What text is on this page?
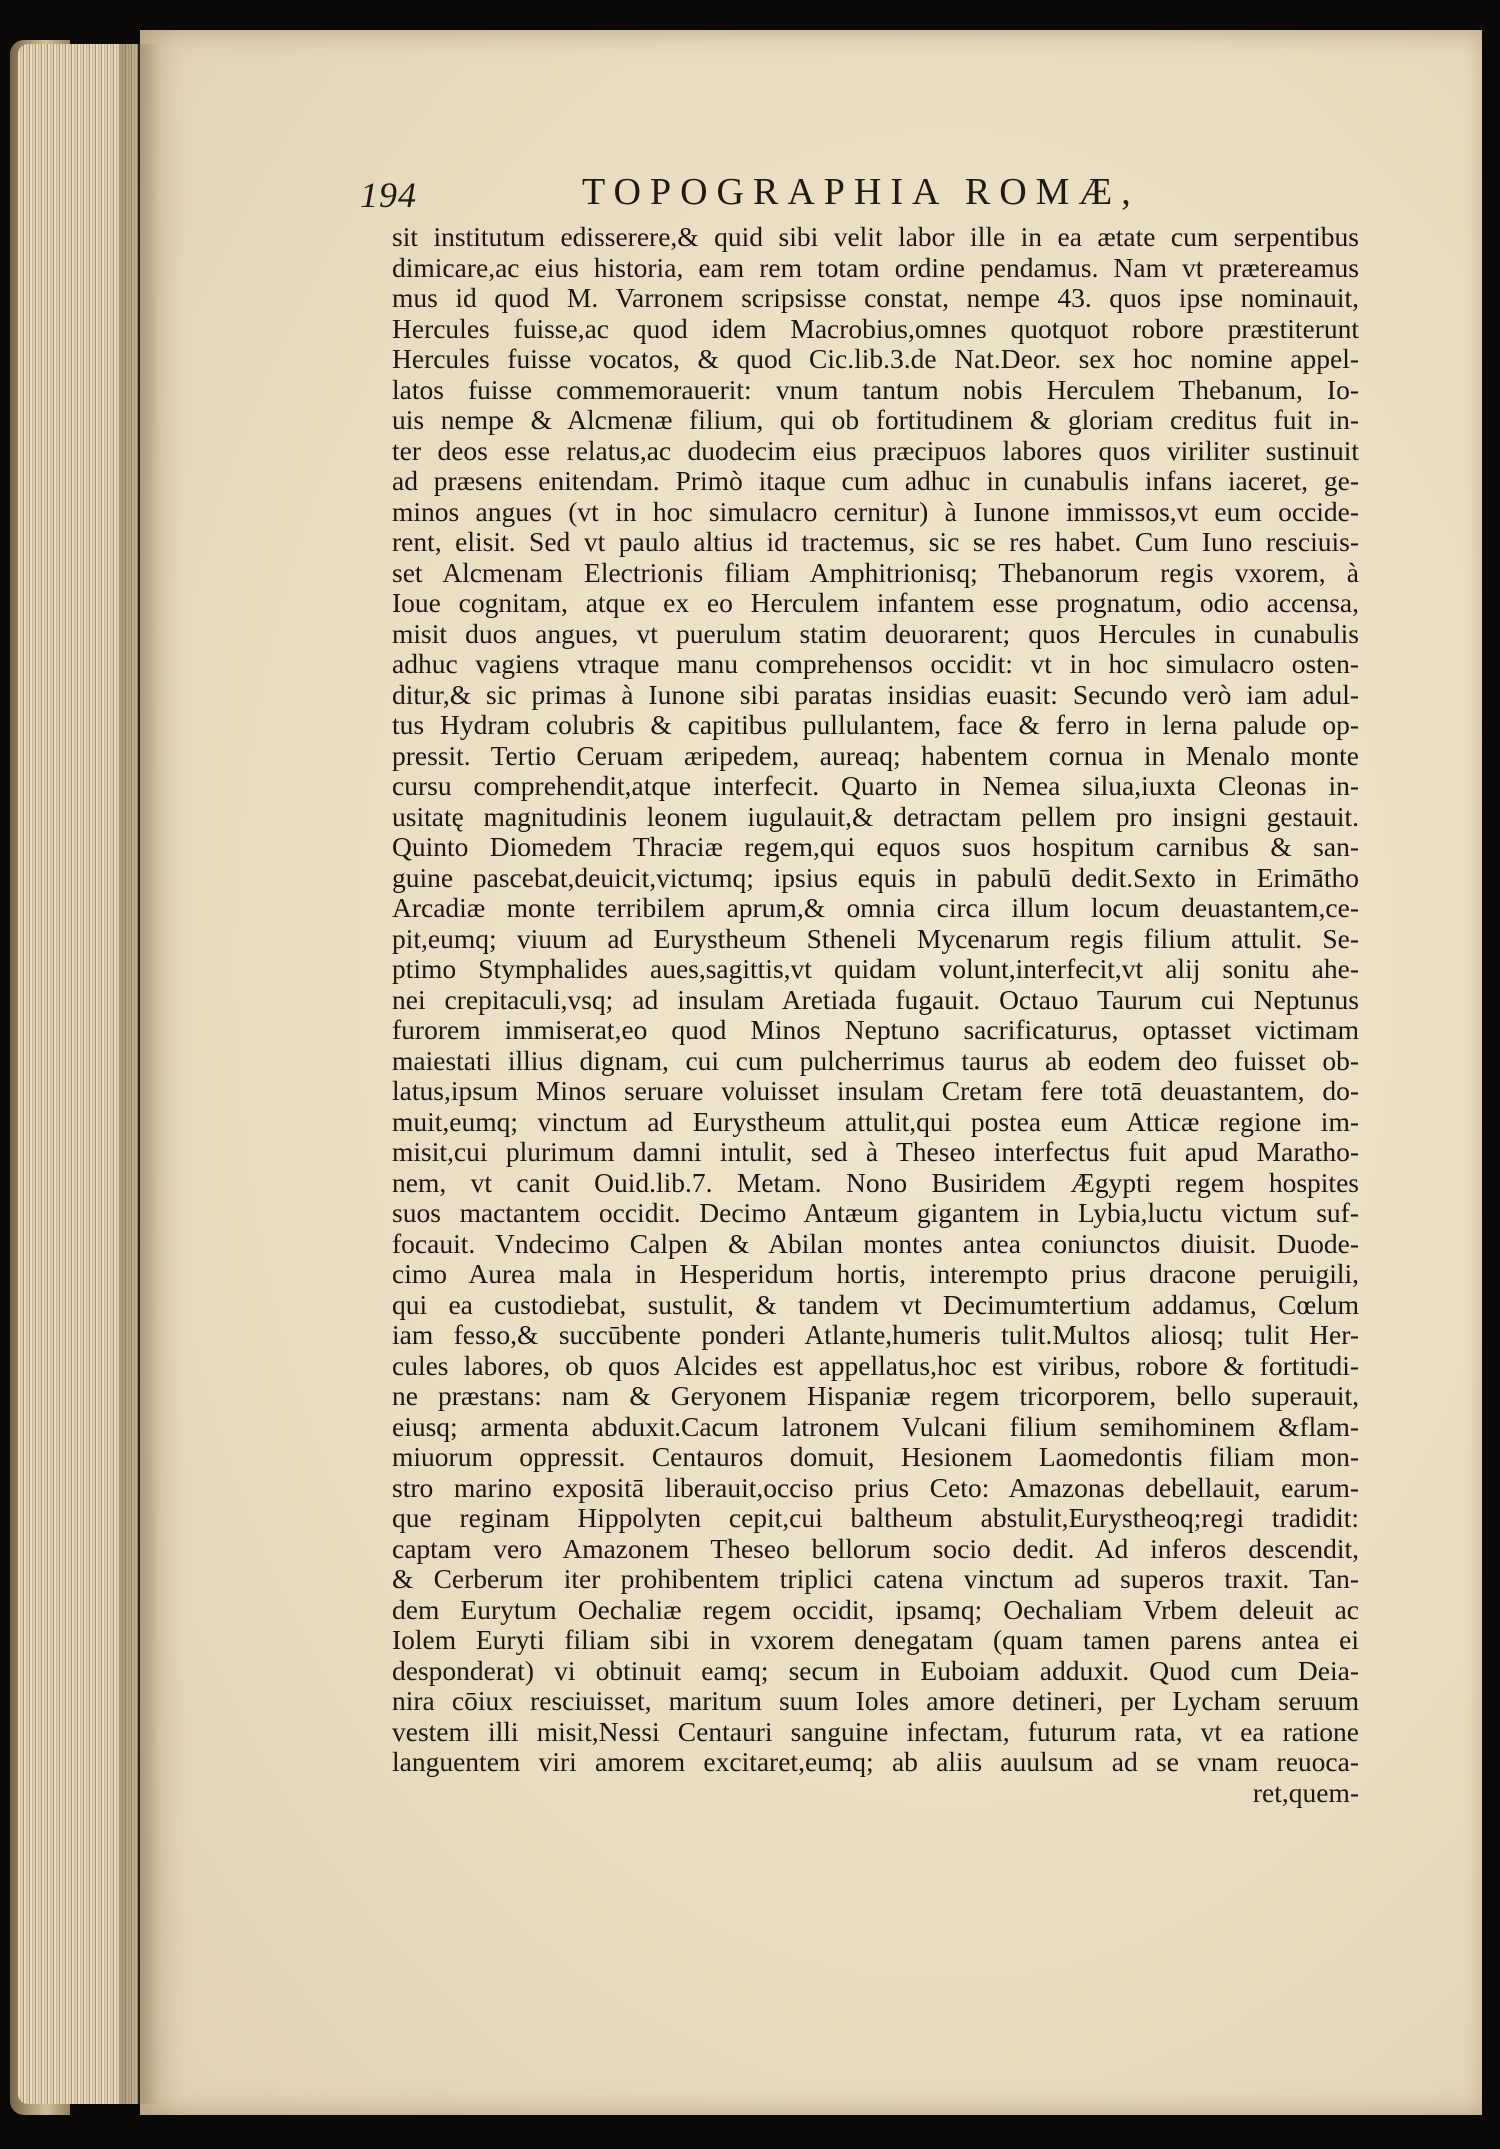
194	TOPOGRAPHIA ROMÆ,
sit institutum edisserere,& quid sibi velit labor ille in ea ætate cum serpentibus
dimicare,ac eius historia, eam rem totam ordine pendamus. Nam vt prætereamus
mus id quod M. Varronem scripsisse constat, nempe 43. quos ipse nominauit,
Hercules fuisse,ac quod idem Macrobius,omnes quotquot robore præstiterunt
Hercules fuisse vocatos, & quod Cic.lib.3.de Nat.Deor. sex hoc nomine appel-
latos fuisse commemorauerit: vnum tantum nobis Herculem Thebanum, Io-
uis nempe & Alcmenæ filium, qui ob fortitudinem & gloriam creditus fuit in-
ter deos esse relatus,ac duodecim eius præcipuos labores quos viriliter sustinuit
ad præsens enitendam. Primò itaque cum adhuc in cunabulis infans iaceret, ge-
minos angues (vt in hoc simulacro cernitur) à Iunone immissos,vt eum occide-
rent, elisit. Sed vt paulo altius id tractemus, sic se res habet. Cum Iuno resciuis-
set Alcmenam Electrionis filiam Amphitrionisq; Thebanorum regis vxorem, à
Ioue cognitam, atque ex eo Herculem infantem esse prognatum, odio accensa,
misit duos angues, vt puerulum statim deuorarent; quos Hercules in cunabulis
adhuc vagiens vtraque manu comprehensos occidit: vt in hoc simulacro osten-
ditur,& sic primas à Iunone sibi paratas insidias euasit: Secundo verò iam adul-
tus Hydram colubris & capitibus pullulantem, face & ferro in lerna palude op-
pressit. Tertio Ceruam æripedem, aureaq; habentem cornua in Menalo monte
cursu comprehendit,atque interfecit. Quarto in Nemea silua,iuxta Cleonas in-
usitatę magnitudinis leonem iugulauit,& detractam pellem pro insigni gestauit.
Quinto Diomedem Thraciæ regem,qui equos suos hospitum carnibus & san-
guine pascebat,deuicit,victumq; ipsius equis in pabulū dedit.Sexto in Erimātho
Arcadiæ monte terribilem aprum,& omnia circa illum locum deuastantem,ce-
pit,eumq; viuum ad Eurystheum Stheneli Mycenarum regis filium attulit. Se-
ptimo Stymphalides aues,sagittis,vt quidam volunt,interfecit,vt alij sonitu ahe-
nei crepitaculi,vsq; ad insulam Aretiada fugauit. Octauo Taurum cui Neptunus
furorem immiserat,eo quod Minos Neptuno sacrificaturus, optasset victimam
maiestati illius dignam, cui cum pulcherrimus taurus ab eodem deo fuisset ob-
latus,ipsum Minos seruare voluisset insulam Cretam fere totā deuastantem, do-
muit,eumq; vinctum ad Eurystheum attulit,qui postea eum Atticæ regione im-
misit,cui plurimum damni intulit, sed à Theseo interfectus fuit apud Maratho-
nem, vt canit Ouid.lib.7. Metam. Nono Busiridem Ægypti regem hospites
suos mactantem occidit. Decimo Antæum gigantem in Lybia,luctu victum suf-
focauit. Vndecimo Calpen & Abilan montes antea coniunctos diuisit. Duode-
cimo Aurea mala in Hesperidum hortis, interempto prius dracone peruigili,
qui ea custodiebat, sustulit, & tandem vt Decimumtertium addamus, Cœlum
iam fesso,& succūbente ponderi Atlante,humeris tulit.Multos aliosq; tulit Her-
cules labores, ob quos Alcides est appellatus,hoc est viribus, robore & fortitudi-
ne præstans: nam & Geryonem Hispaniæ regem tricorporem, bello superauit,
eiusq; armenta abduxit.Cacum latronem Vulcani filium semihominem &flam-
miuorum oppressit. Centauros domuit, Hesionem Laomedontis filiam mon-
stro marino expositā liberauit,occiso prius Ceto: Amazonas debellauit, earum-
que reginam Hippolyten cepit,cui baltheum abstulit,Eurystheoq;regi tradidit:
captam vero Amazonem Theseo bellorum socio dedit. Ad inferos descendit,
& Cerberum iter prohibentem triplici catena vinctum ad superos traxit. Tan-
dem Eurytum Oechaliæ regem occidit, ipsamq; Oechaliam Vrbem deleuit ac
Iolem Euryti filiam sibi in vxorem denegatam (quam tamen parens antea ei
desponderat) vi obtinuit eamq; secum in Euboiam adduxit. Quod cum Deia-
nira cōiux resciuisset, maritum suum Ioles amore detineri, per Lycham seruum
vestem illi misit,Nessi Centauri sanguine infectam, futurum rata, vt ea ratione
languentem viri amorem excitaret,eumq; ab aliis auulsum ad se vnam reuoca-
ret,quem-
